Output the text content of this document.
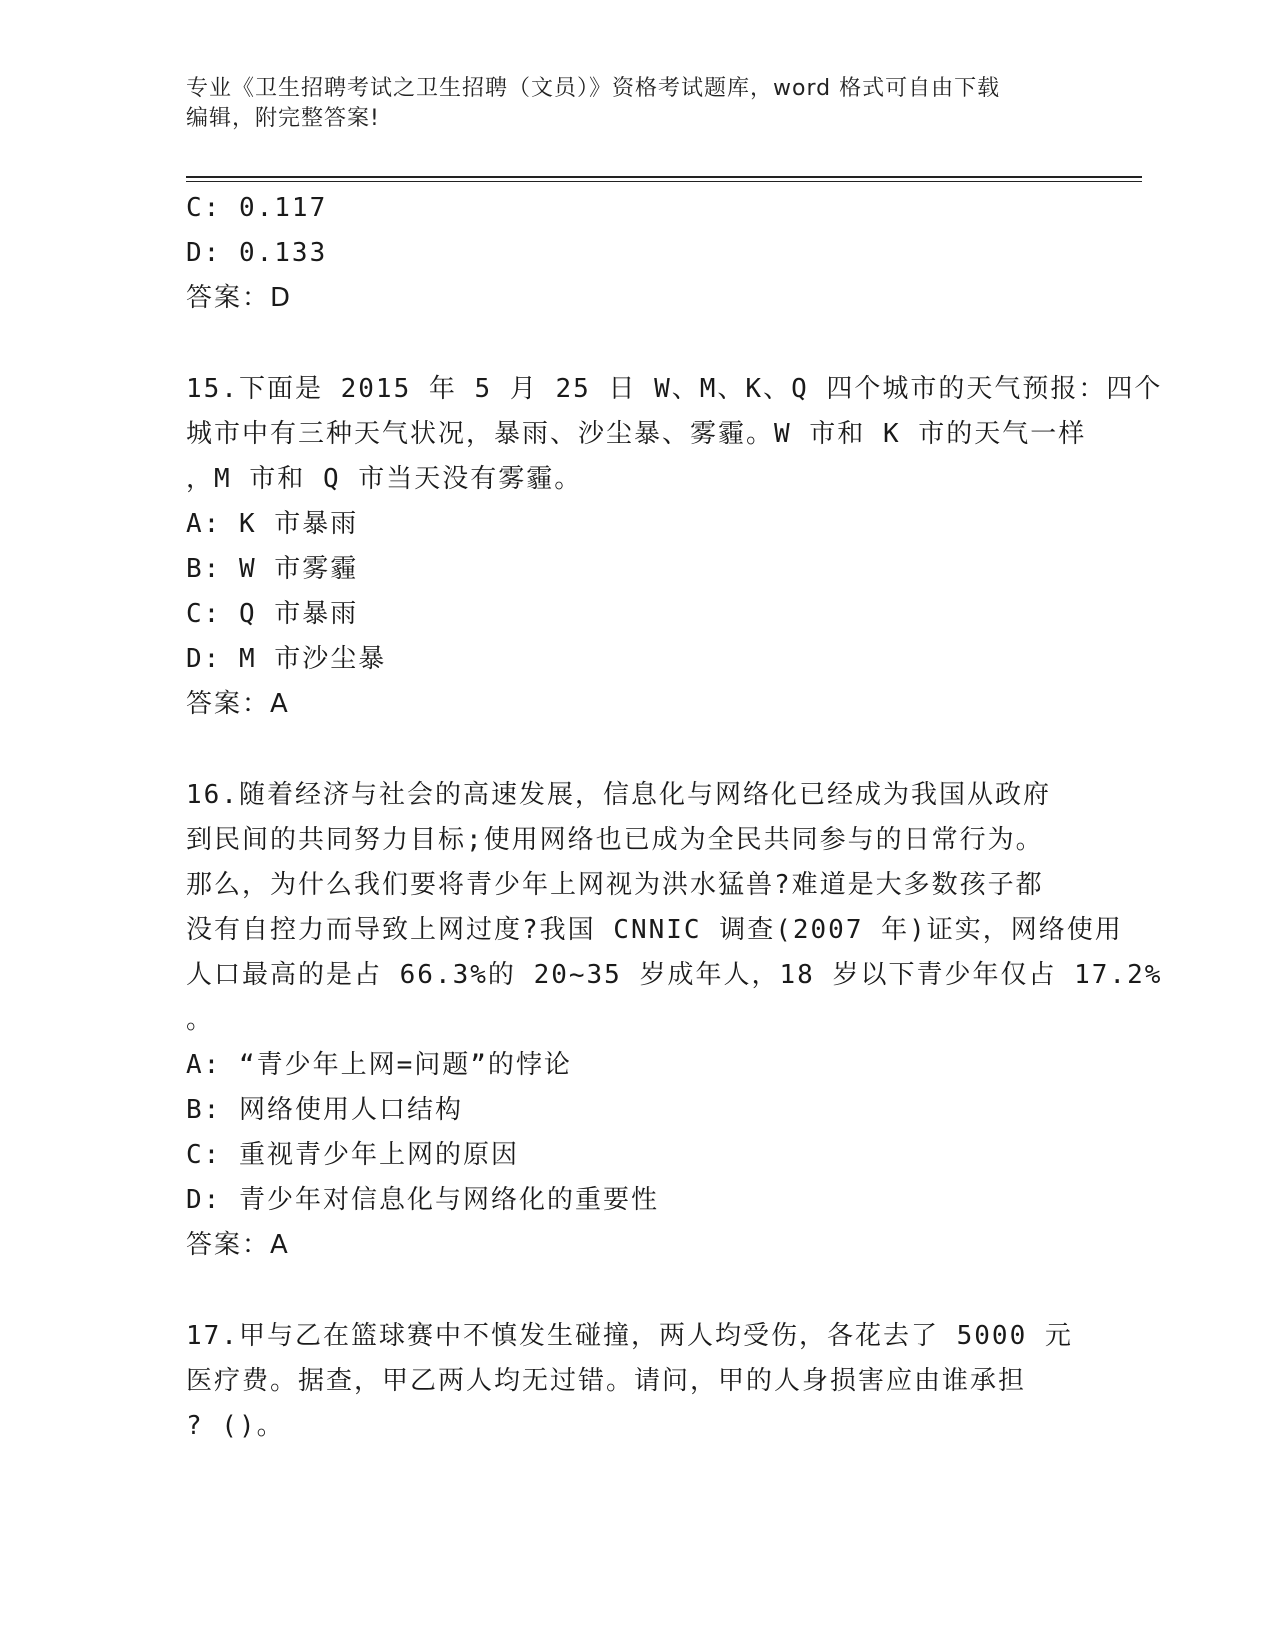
专业《卫生招聘考试之卫生招聘（文员）》资格考试题库，word 格式可自由下载
编辑，附完整答案!
C: 0.117
D: 0.133
答案：D
15.下面是 2015 年 5 月 25 日 W、M、K、Q 四个城市的天气预报：四个
城市中有三种天气状况，暴雨、沙尘暴、雾霾。W 市和 K 市的天气一样
，M 市和 Q 市当天没有雾霾。
A: K 市暴雨
B: W 市雾霾
C: Q 市暴雨
D: M 市沙尘暴
答案：A
16.随着经济与社会的高速发展，信息化与网络化已经成为我国从政府
到民间的共同努力目标;使用网络也已成为全民共同参与的日常行为。
那么，为什么我们要将青少年上网视为洪水猛兽?难道是大多数孩子都
没有自控力而导致上网过度?我国 CNNIC 调查(2007 年)证实，网络使用
人口最高的是占 66.3%的 20~35 岁成年人，18 岁以下青少年仅占 17.2%
。
A: “青少年上网=问题”的悖论
B: 网络使用人口结构
C: 重视青少年上网的原因
D: 青少年对信息化与网络化的重要性
答案：A
17.甲与乙在篮球赛中不慎发生碰撞，两人均受伤，各花去了 5000 元
医疗费。据查，甲乙两人均无过错。请问，甲的人身损害应由谁承担
? ()。
